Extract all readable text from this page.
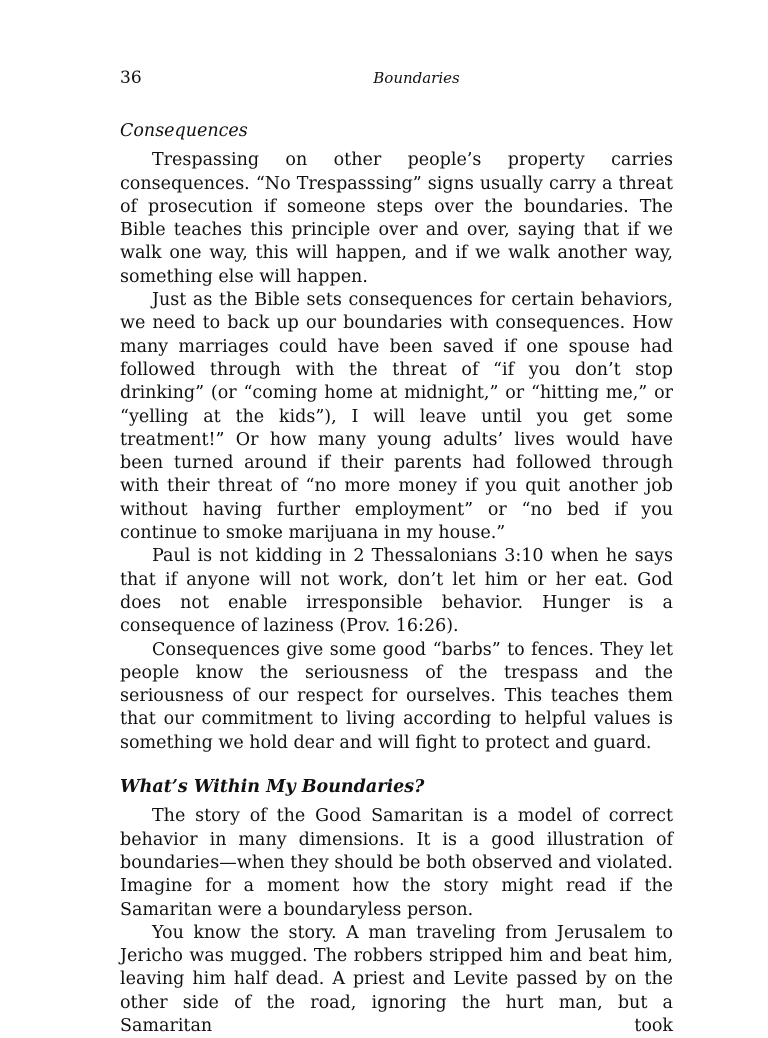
36	Boundaries
Consequences

Trespassing on other people’s property carries consequences. “No Trespasssing” signs usually carry a threat of prosecution if someone steps over the boundaries. The Bible teaches this principle over and over, saying that if we walk one way, this will happen, and if we walk another way, something else will happen.

Just as the Bible sets consequences for certain behaviors, we need to back up our boundaries with consequences. How many marriages could have been saved if one spouse had followed through with the threat of “if you don’t stop drinking” (or “coming home at midnight,” or “hitting me,” or “yelling at the kids”), I will leave until you get some treatment!” Or how many young adults’ lives would have been turned around if their parents had followed through with their threat of “no more money if you quit another job without having further employment” or “no bed if you continue to smoke marijuana in my house.”

Paul is not kidding in 2 Thessalonians 3:10 when he says that if anyone will not work, don’t let him or her eat. God does not enable irresponsible behavior. Hunger is a consequence of laziness (Prov. 16:26).

Consequences give some good “barbs” to fences. They let people know the seriousness of the trespass and the seriousness of our respect for ourselves. This teaches them that our commitment to living according to helpful values is something we hold dear and will fight to protect and guard.

What’s Within My Boundaries?

The story of the Good Samaritan is a model of correct behavior in many dimensions. It is a good illustration of boundaries—when they should be both observed and violated. Imagine for a moment how the story might read if the Samaritan were a boundaryless person.

You know the story. A man traveling from Jerusalem to Jericho was mugged. The robbers stripped him and beat him, leaving him half dead. A priest and Levite passed by on the other side of the road, ignoring the hurt man, but a Samaritan took
